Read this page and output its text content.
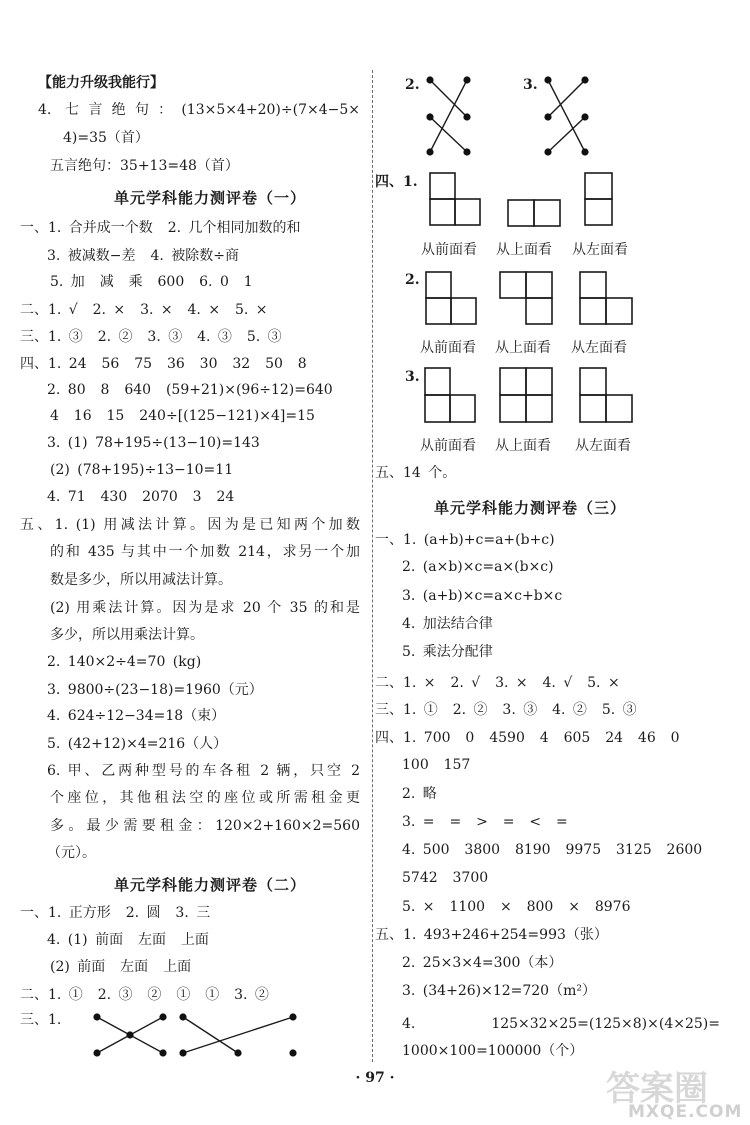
【能力升级我能行】
4. 七言绝句：(13×5×4+20)÷(7×4−5×
4)=35（首）
五言绝句：35+13=48（首）
单元学科能力测评卷（一）
一、1. 合并成一个数  2. 几个相同加数的和
3. 被减数−差  4. 被除数÷商
5. 加  减  乘  600  6. 0  1
二、1. √  2. ×  3. ×  4. ×  5. ×
三、1. ③  2. ②  3. ③  4. ③  5. ③
四、1. 24  56  75  36  30  32  50  8
2. 80  8  640  (59+21)×(96÷12)=640
4  16  15  240÷[(125−121)×4]=15
3. (1) 78+195÷(13−10)=143
(2) (78+195)÷13−10=11
4. 71  430  2070  3  24
五、1. (1) 用减法计算。因为是已知两个加数
的和 435 与其中一个加数 214，求另一个加
数是多少，所以用减法计算。
(2) 用乘法计算。因为是求 20 个 35 的和是
多少，所以用乘法计算。
2. 140×2÷4=70 (kg)
3. 9800÷(23−18)=1960（元）
4. 624÷12−34=18（束）
5. (42+12)×4=216（人）
6. 甲、乙两种型号的车各租 2 辆，只空 2
个座位，其他租法空的座位或所需租金更
多。最少需要租金：120×2+160×2=560
（元）。
单元学科能力测评卷（二）
一、1. 正方形  2. 圆  3. 三
4. (1) 前面  左面  上面
(2) 前面  左面  上面
二、1. ①  2. ③  ②  ①  ①  3. ②
三、1.
2.	3.
四、1.
从前面看 从上面看 从左面看
2.
从前面看 从上面看 从左面看
3.
从前面看 从上面看 从左面看
五、14 个。
单元学科能力测评卷（三）
一、1. (a+b)+c=a+(b+c)
2. (a×b)×c=a×(b×c)
3. (a+b)×c=a×c+b×c
4. 加法结合律
5. 乘法分配律
二、1. ×  2. √  3. ×  4. √  5. ×
三、1. ①  2. ②  3. ③  4. ②  5. ③
四、1. 700  0  4590  4  605  24  46  0
100  157
2. 略
3. =  =  >  =  <  =
4. 500  3800  8190  9975  3125  2600
5742  3700
5. ×  1100  ×  800  ×  8976
五、1. 493+246+254=993（张）
2. 25×3×4=300（本）
3. (34+26)×12=720（m²）
4. 125×32×25=(125×8)×(4×25)=
1000×100=100000（个）
· 97 ·	答案圈
MXQE.COM
